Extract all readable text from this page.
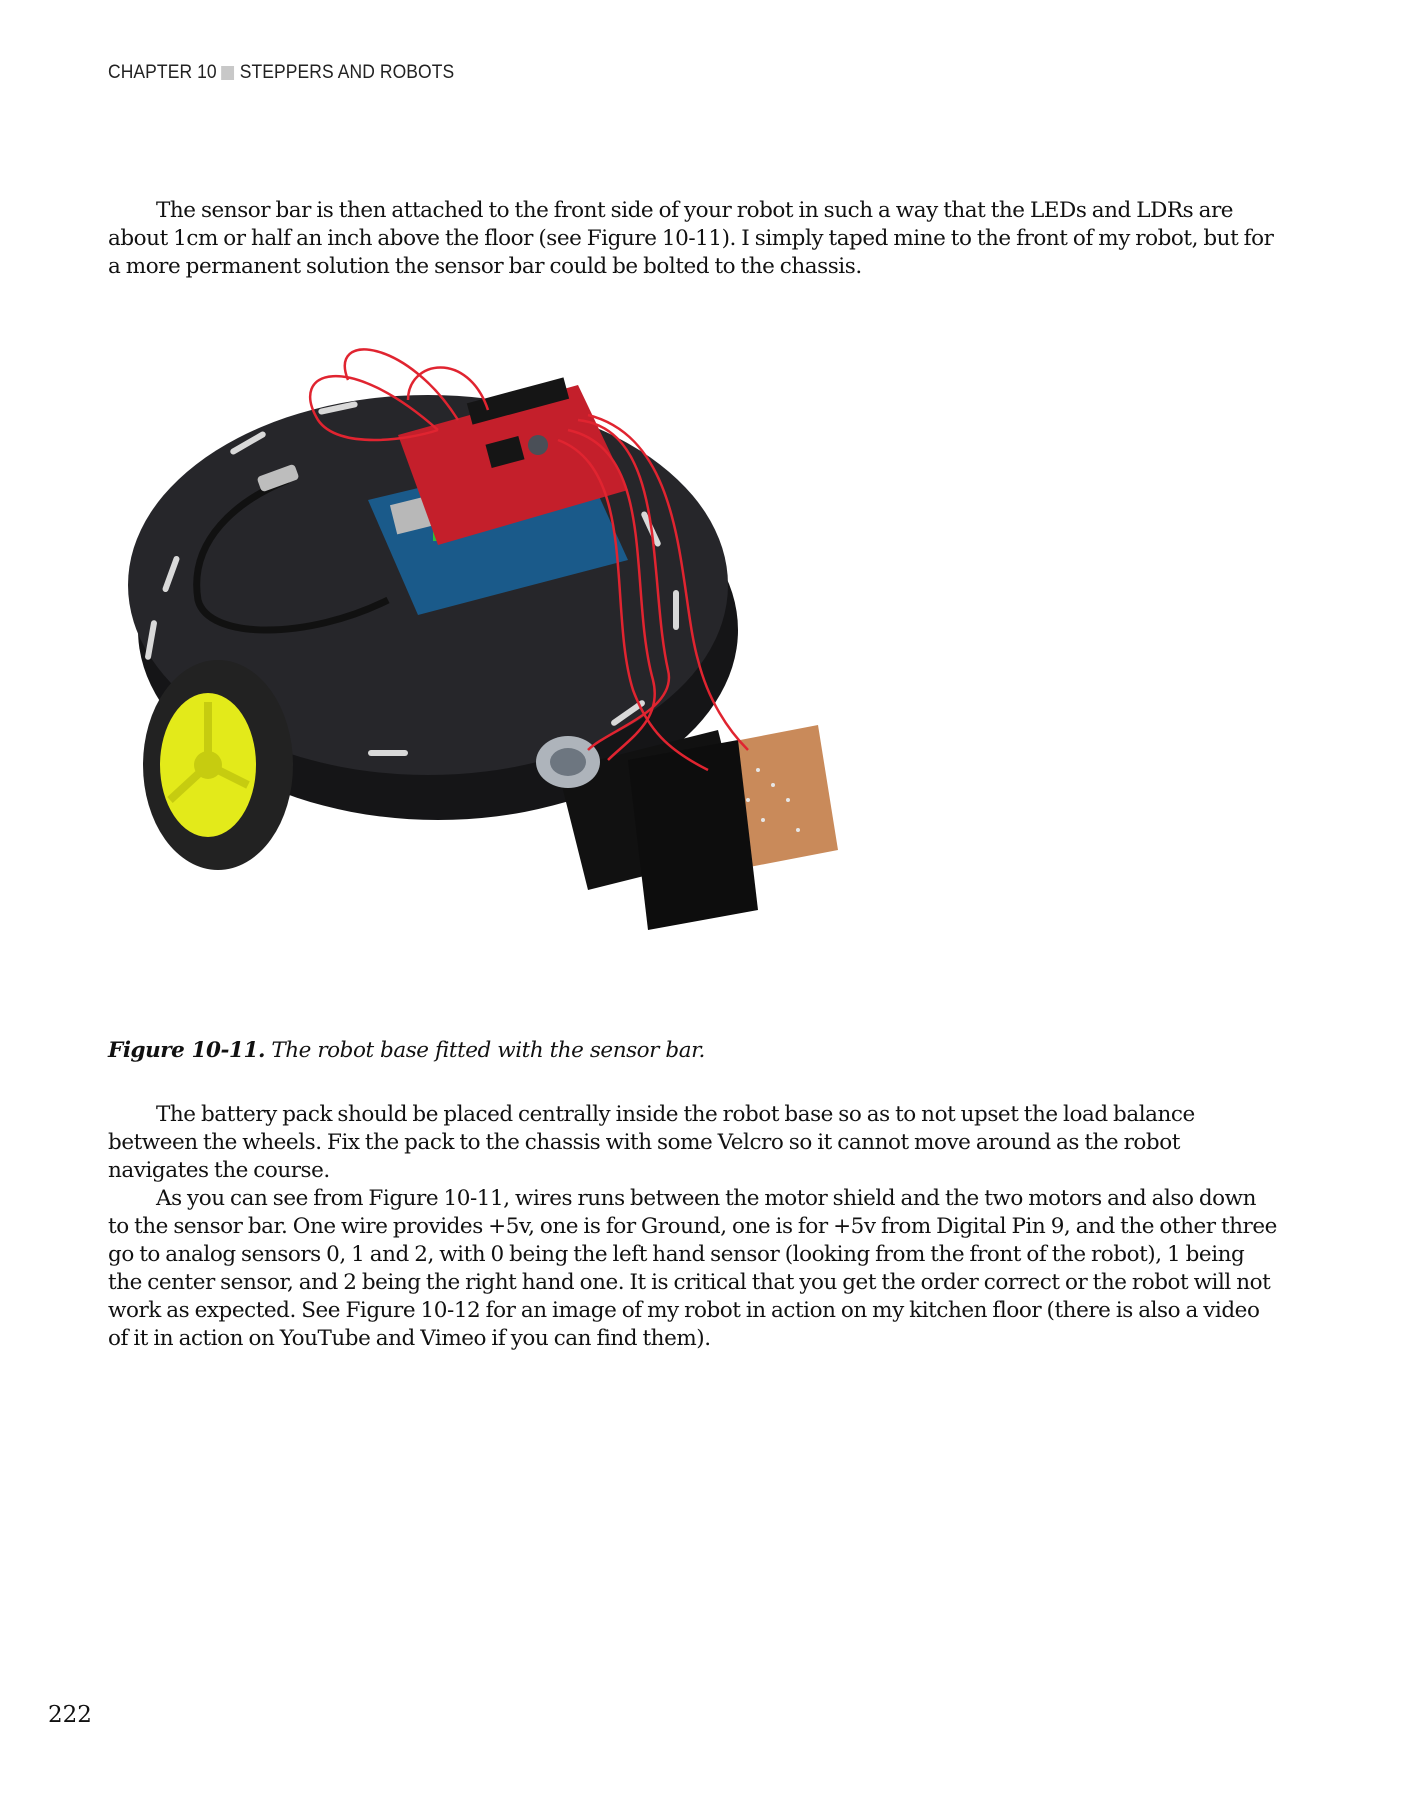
CHAPTER 10 STEPPERS AND ROBOTS

The sensor bar is then attached to the front side of your robot in such a way that the LEDs and LDRs are about 1cm or half an inch above the floor (see Figure 10-11). I simply taped mine to the front of my robot, but for a more permanent solution the sensor bar could be bolted to the chassis.

Figure 10-11. The robot base fitted with the sensor bar.

The battery pack should be placed centrally inside the robot base so as to not upset the load balance between the wheels. Fix the pack to the chassis with some Velcro so it cannot move around as the robot navigates the course.

As you can see from Figure 10-11, wires runs between the motor shield and the two motors and also down to the sensor bar. One wire provides +5v, one is for Ground, one is for +5v from Digital Pin 9, and the other three go to analog sensors 0, 1 and 2, with 0 being the left hand sensor (looking from the front of the robot), 1 being the center sensor, and 2 being the right hand one. It is critical that you get the order correct or the robot will not work as expected. See Figure 10-12 for an image of my robot in action on my kitchen floor (there is also a video of it in action on YouTube and Vimeo if you can find them).

222
